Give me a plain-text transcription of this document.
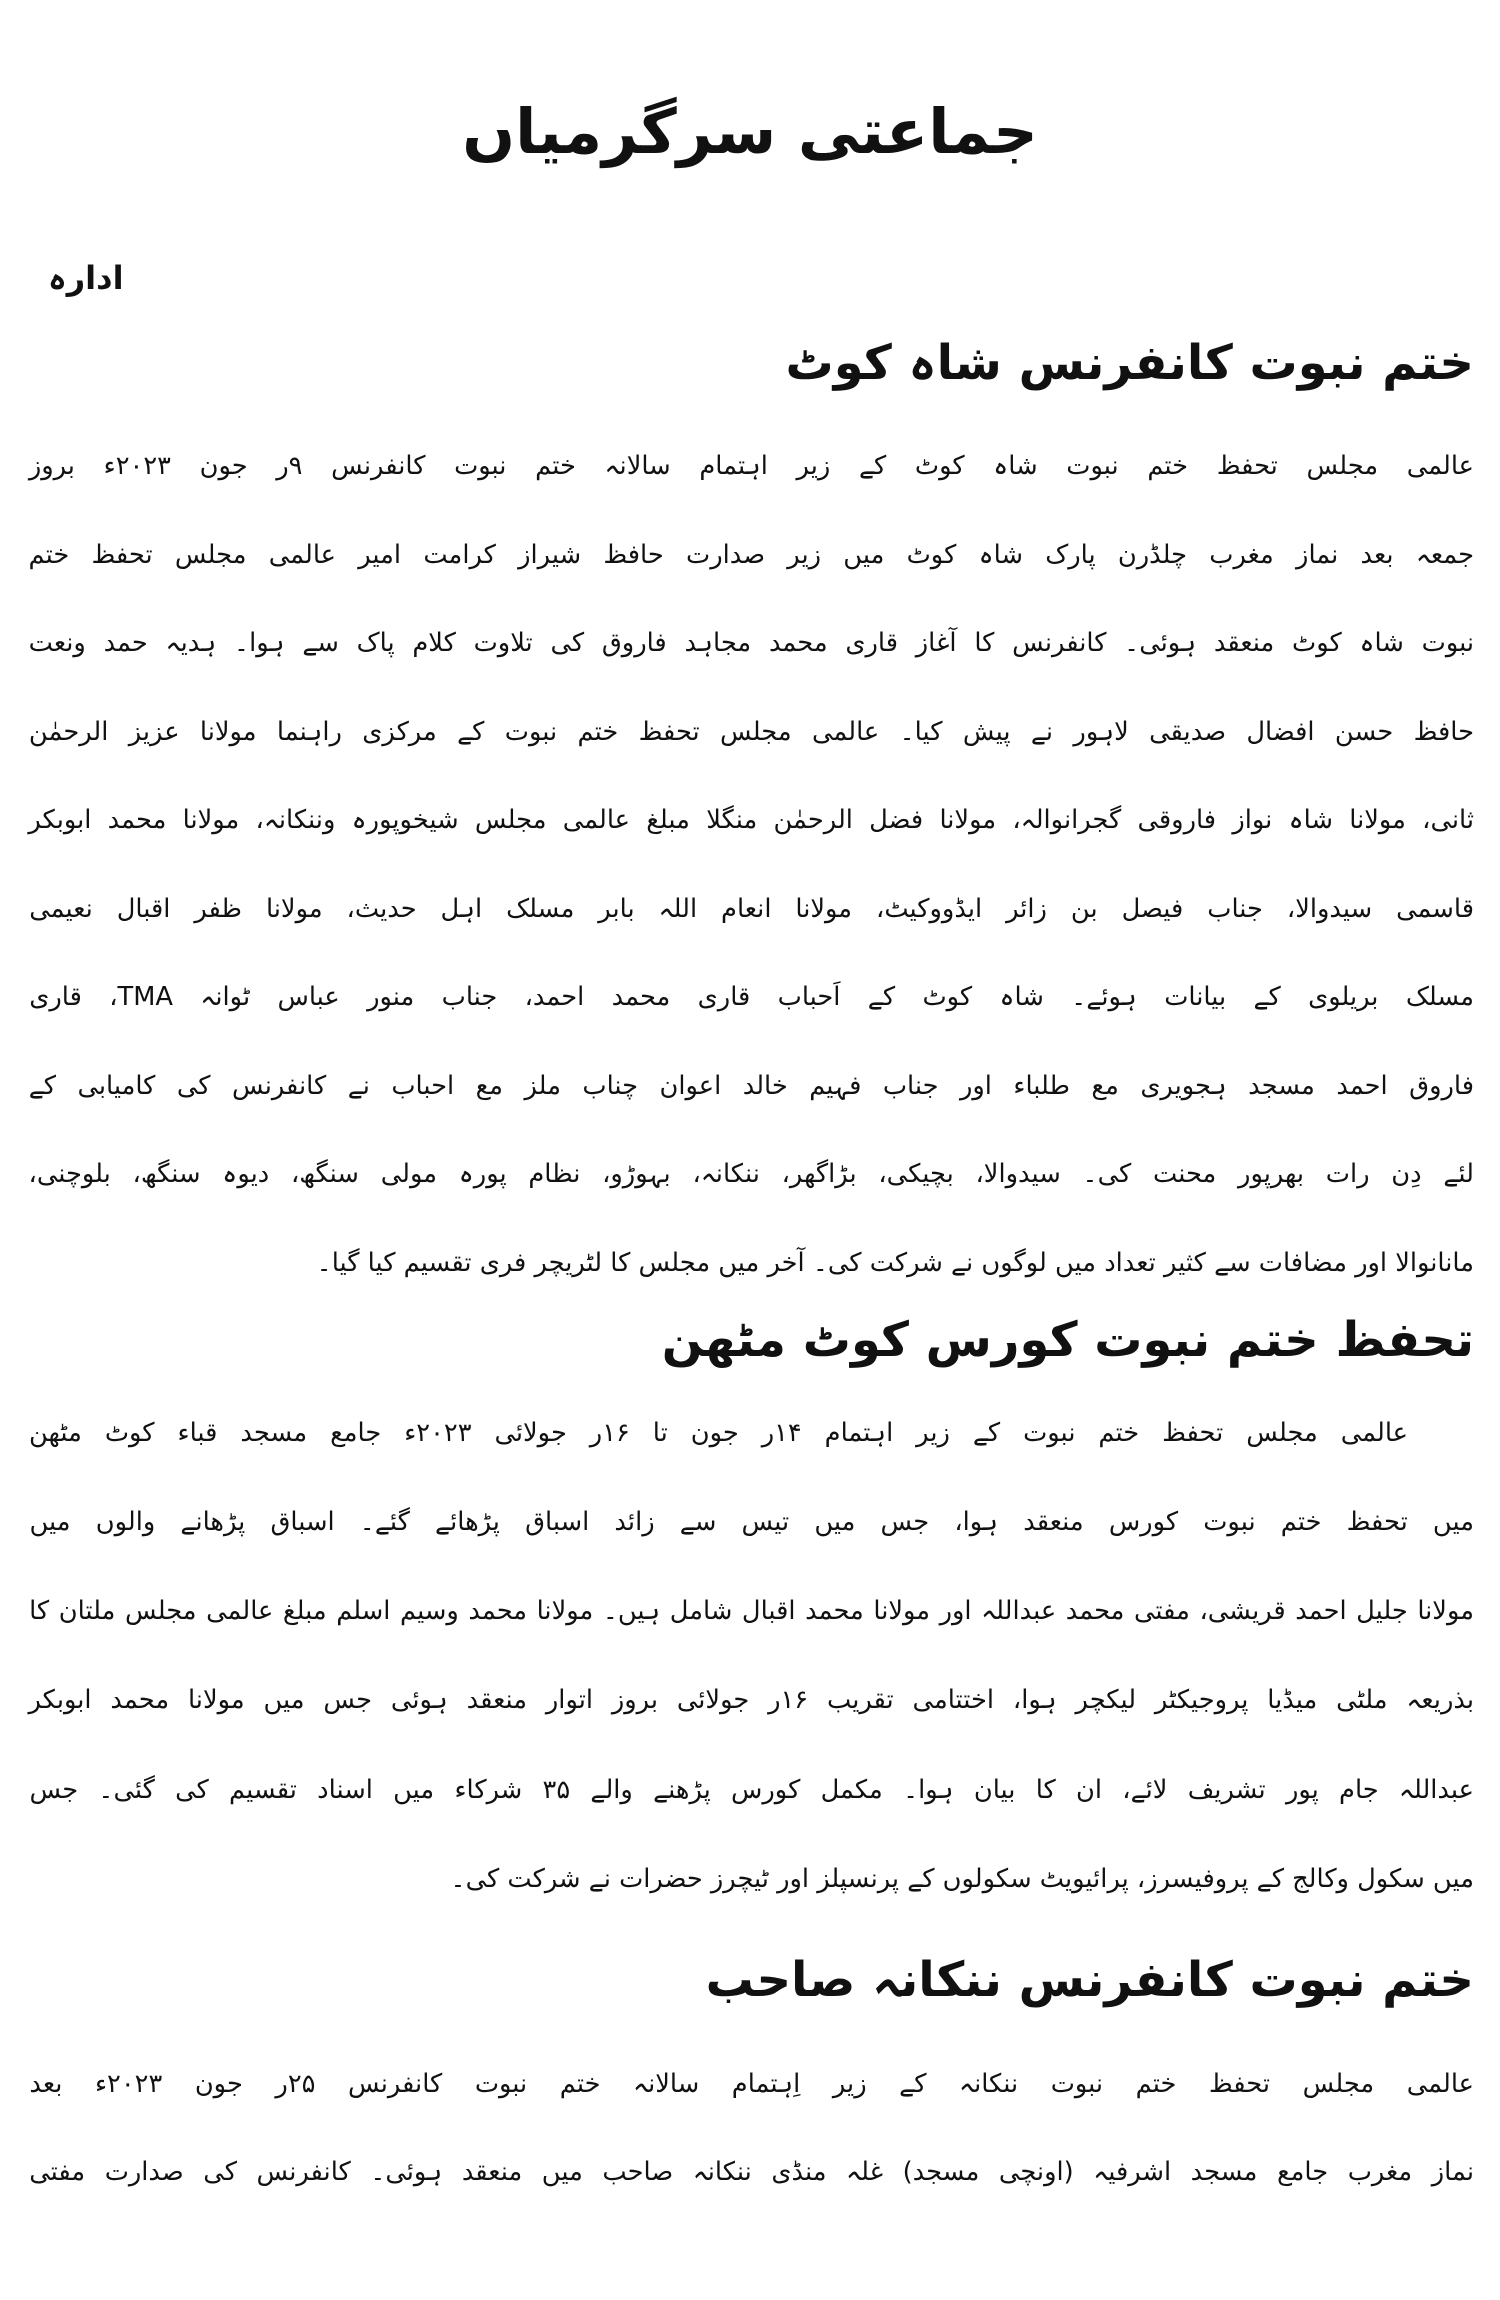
جماعتی سرگرمیاں
ادارہ
ختم نبوت کانفرنس شاہ کوٹ
عالمی مجلس تحفظ ختم نبوت شاہ کوٹ کے زیر اہتمام سالانہ ختم نبوت کانفرنس ۹ر جون ۲۰۲۳ء بروز
جمعہ بعد نماز مغرب چلڈرن پارک شاہ کوٹ میں زیر صدارت حافظ شیراز کرامت امیر عالمی مجلس تحفظ ختم
نبوت شاہ کوٹ منعقد ہوئی۔ کانفرنس کا آغاز قاری محمد مجاہد فاروق کی تلاوت کلام پاک سے ہوا۔ ہدیہ حمد ونعت
حافظ حسن افضال صدیقی لاہور نے پیش کیا۔ عالمی مجلس تحفظ ختم نبوت کے مرکزی راہنما مولانا عزیز الرحمٰن
ثانی، مولانا شاہ نواز فاروقی گجرانوالہ، مولانا فضل الرحمٰن منگلا مبلغ عالمی مجلس شیخوپورہ وننکانہ، مولانا محمد ابوبکر
قاسمی سیدوالا، جناب فیصل بن زائر ایڈووکیٹ، مولانا انعام اللہ بابر مسلک اہل حدیث، مولانا ظفر اقبال نعیمی
مسلک بریلوی کے بیانات ہوئے۔ شاہ کوٹ کے اَحباب قاری محمد احمد، جناب منور عباس ٹوانہ TMA، قاری
فاروق احمد مسجد ہجویری مع طلباء اور جناب فہیم خالد اعوان چناب ملز مع احباب نے کانفرنس کی کامیابی کے
لئے دِن رات بھرپور محنت کی۔ سیدوالا، بچیکی، بڑاگھر، ننکانہ، بہوڑو، نظام پورہ مولی سنگھ، دیوہ سنگھ، بلوچنی،
مانانوالا اور مضافات سے کثیر تعداد میں لوگوں نے شرکت کی۔ آخر میں مجلس کا لٹریچر فری تقسیم کیا گیا۔
تحفظ ختم نبوت کورس کوٹ مٹھن
عالمی مجلس تحفظ ختم نبوت کے زیر اہتمام ۱۴ر جون تا ۱۶ر جولائی ۲۰۲۳ء جامع مسجد قباء کوٹ مٹھن
میں تحفظ ختم نبوت کورس منعقد ہوا، جس میں تیس سے زائد اسباق پڑھائے گئے۔ اسباق پڑھانے والوں میں
مولانا جلیل احمد قریشی، مفتی محمد عبداللہ اور مولانا محمد اقبال شامل ہیں۔ مولانا محمد وسیم اسلم مبلغ عالمی مجلس ملتان کا
بذریعہ ملٹی میڈیا پروجیکٹر لیکچر ہوا، اختتامی تقریب ۱۶ر جولائی بروز اتوار منعقد ہوئی جس میں مولانا محمد ابوبکر
عبداللہ جام پور تشریف لائے، ان کا بیان ہوا۔ مکمل کورس پڑھنے والے ۳۵ شرکاء میں اسناد تقسیم کی گئی۔ جس
میں سکول وکالج کے پروفیسرز، پرائیویٹ سکولوں کے پرنسپلز اور ٹیچرز حضرات نے شرکت کی۔
ختم نبوت کانفرنس ننکانہ صاحب
عالمی مجلس تحفظ ختم نبوت ننکانہ کے زیر اِہتمام سالانہ ختم نبوت کانفرنس ۲۵ر جون ۲۰۲۳ء بعد
نماز مغرب جامع مسجد اشرفیہ (اونچی مسجد) غلہ منڈی ننکانہ صاحب میں منعقد ہوئی۔ کانفرنس کی صدارت مفتی
